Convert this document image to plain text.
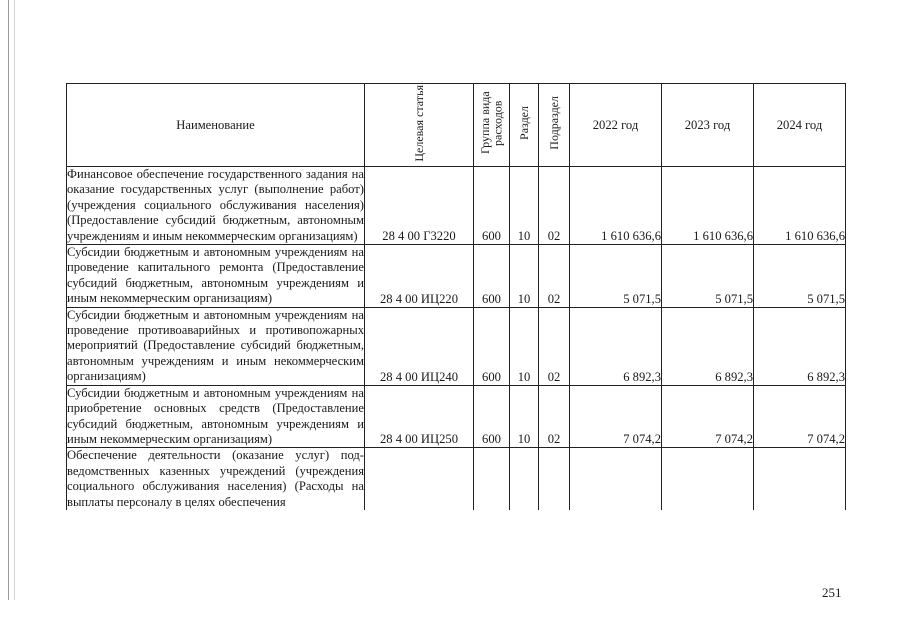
Наименование	Целевая статья	Группа вида расходов	Раздел	Подраздел	2022 год	2023 год	2024 год
Финансовое обеспечение государственного задания на оказание государственных услуг (выполнение работ) (учреждения социального обслуживания населения) (Предоставление субсидий бюджетным, автономным учреждениям и иным некоммерческим организациям)	28 4 00 Г3220	600	10	02	1 610 636,6	1 610 636,6	1 610 636,6
Субсидии бюджетным и автономным учреждениям на проведение капитального ремонта (Предоставление субсидий бюджетным, автономным учреждениям и иным некоммерческим организациям)	28 4 00 ИЦ220	600	10	02	5 071,5	5 071,5	5 071,5
Субсидии бюджетным и автономным учреждениям на проведение противоаварийных и противопожарных мероприятий (Предоставление субсидий бюджетным, автономным учреждениям и иным некоммерческим организациям)	28 4 00 ИЦ240	600	10	02	6 892,3	6 892,3	6 892,3
Субсидии бюджетным и автономным учреждениям на приобретение основных средств (Предоставление субсидий бюджетным, автономным учреждениям и иным некоммерческим организациям)	28 4 00 ИЦ250	600	10	02	7 074,2	7 074,2	7 074,2
Обеспечение деятельности (оказание услуг) подведомственных казенных учреждений (учреждения социального обслуживания населения) (Расходы на выплаты персоналу в целях обеспечения							
251
